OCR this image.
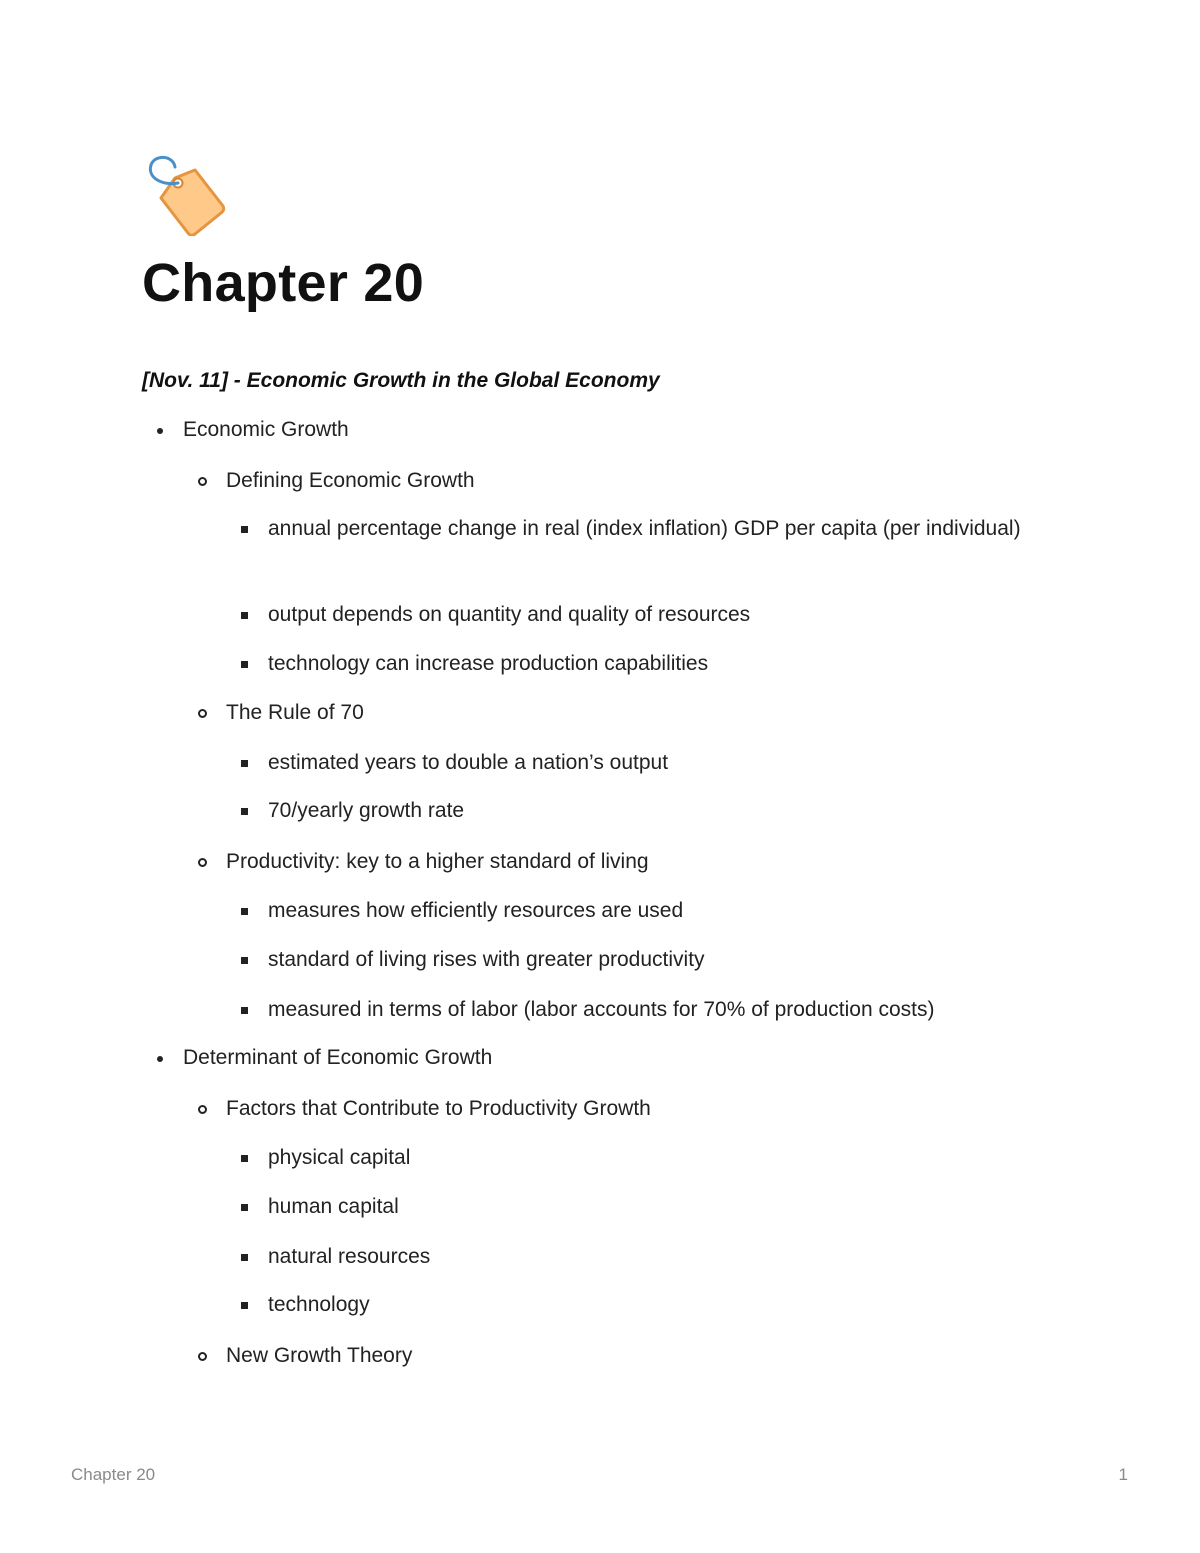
Chapter 20
[Nov. 11] - Economic Growth in the Global Economy
Economic Growth
Defining Economic Growth
annual percentage change in real (index inflation) GDP per capita (per individual)
output depends on quantity and quality of resources
technology can increase production capabilities
The Rule of 70
estimated years to double a nation’s output
70/yearly growth rate
Productivity: key to a higher standard of living
measures how efficiently resources are used
standard of living rises with greater productivity
measured in terms of labor (labor accounts for 70% of production costs)
Determinant of Economic Growth
Factors that Contribute to Productivity Growth
physical capital
human capital
natural resources
technology
New Growth Theory
Chapter 20	1
